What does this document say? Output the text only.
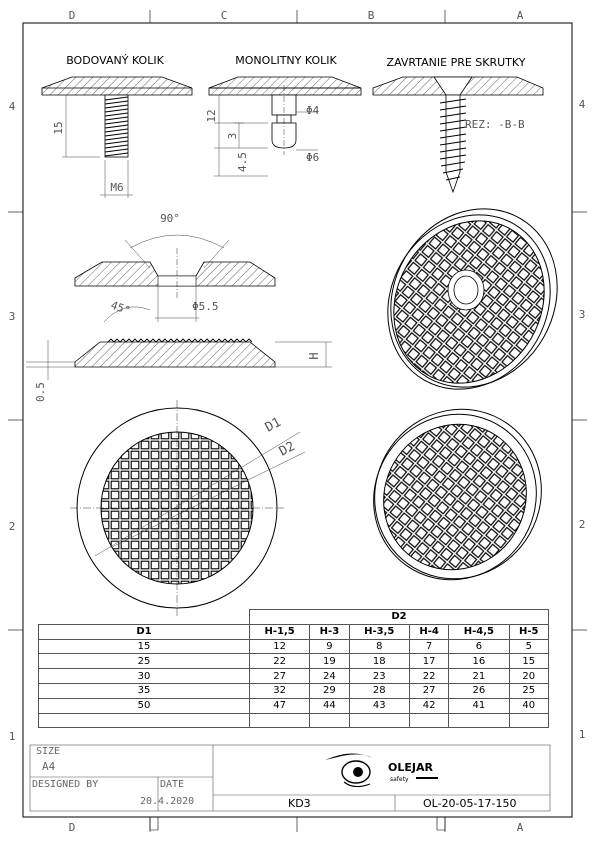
D	C	B	A
D	A
4
3
2
1
4
3
2
1
BODOVANÝ KOLIK
15
M6
MONOLITNY KOLIK
12
3
4.5
Φ4
Φ6
ZAVRTANIE PRE SKRUTKY
REZ: -B-B
90°
Φ5.5
45°
H
0.5
D1
D2
OLEJAR
safety
	D2					
D1	H-1,5	H-3	H-3,5	H-4	H-4,5	H-5
15	12	9	8	7	6	5
25	22	19	18	17	16	15
30	27	24	23	22	21	20
35	32	29	28	27	26	25
50	47	44	43	42	41	40

SIZE
A4
DESIGNED BY	DATE
20.4.2020	KD3	OL-20-05-17-150
